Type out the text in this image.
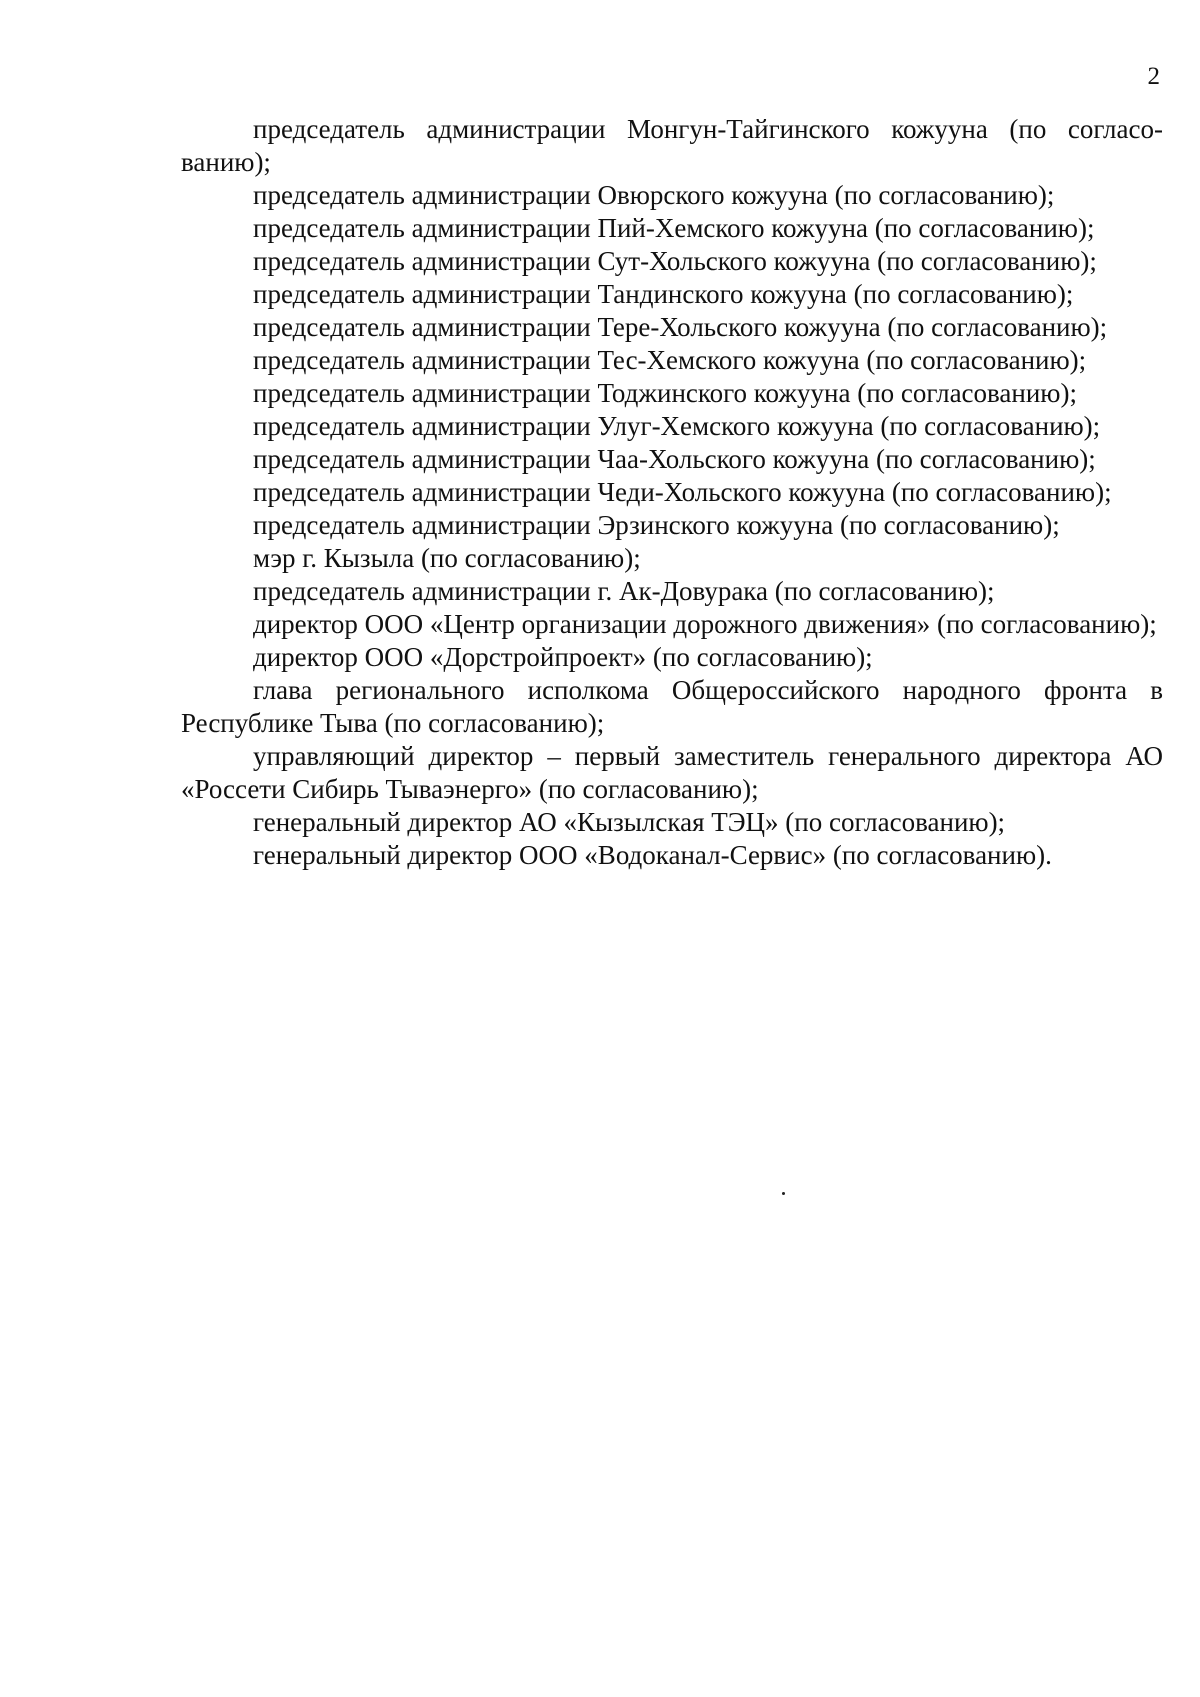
2

председатель администрации Монгун-Тайгинского кожууна (по согласованию);

председатель администрации Овюрского кожууна (по согласованию);

председатель администрации Пий-Хемского кожууна (по согласованию);

председатель администрации Сут-Хольского кожууна (по согласованию);

председатель администрации Тандинского кожууна (по согласованию);

председатель администрации Тере-Хольского кожууна (по согласованию);

председатель администрации Тес-Хемского кожууна (по согласованию);

председатель администрации Тоджинского кожууна (по согласованию);

председатель администрации Улуг-Хемского кожууна (по согласованию);

председатель администрации Чаа-Хольского кожууна (по согласованию);

председатель администрации Чеди-Хольского кожууна (по согласованию);

председатель администрации Эрзинского кожууна (по согласованию);

мэр г. Кызыла (по согласованию);

председатель администрации г. Ак-Довурака (по согласованию);

директор ООО «Центр организации дорожного движения» (по согласованию);

директор ООО «Дорстройпроект» (по согласованию);

глава регионального исполкома Общероссийского народного фронта в Республике Тыва (по согласованию);

управляющий директор – первый заместитель генерального директора АО «Россети Сибирь Тываэнерго» (по согласованию);

генеральный директор АО «Кызылская ТЭЦ» (по согласованию);

генеральный директор ООО «Водоканал-Сервис» (по согласованию).
